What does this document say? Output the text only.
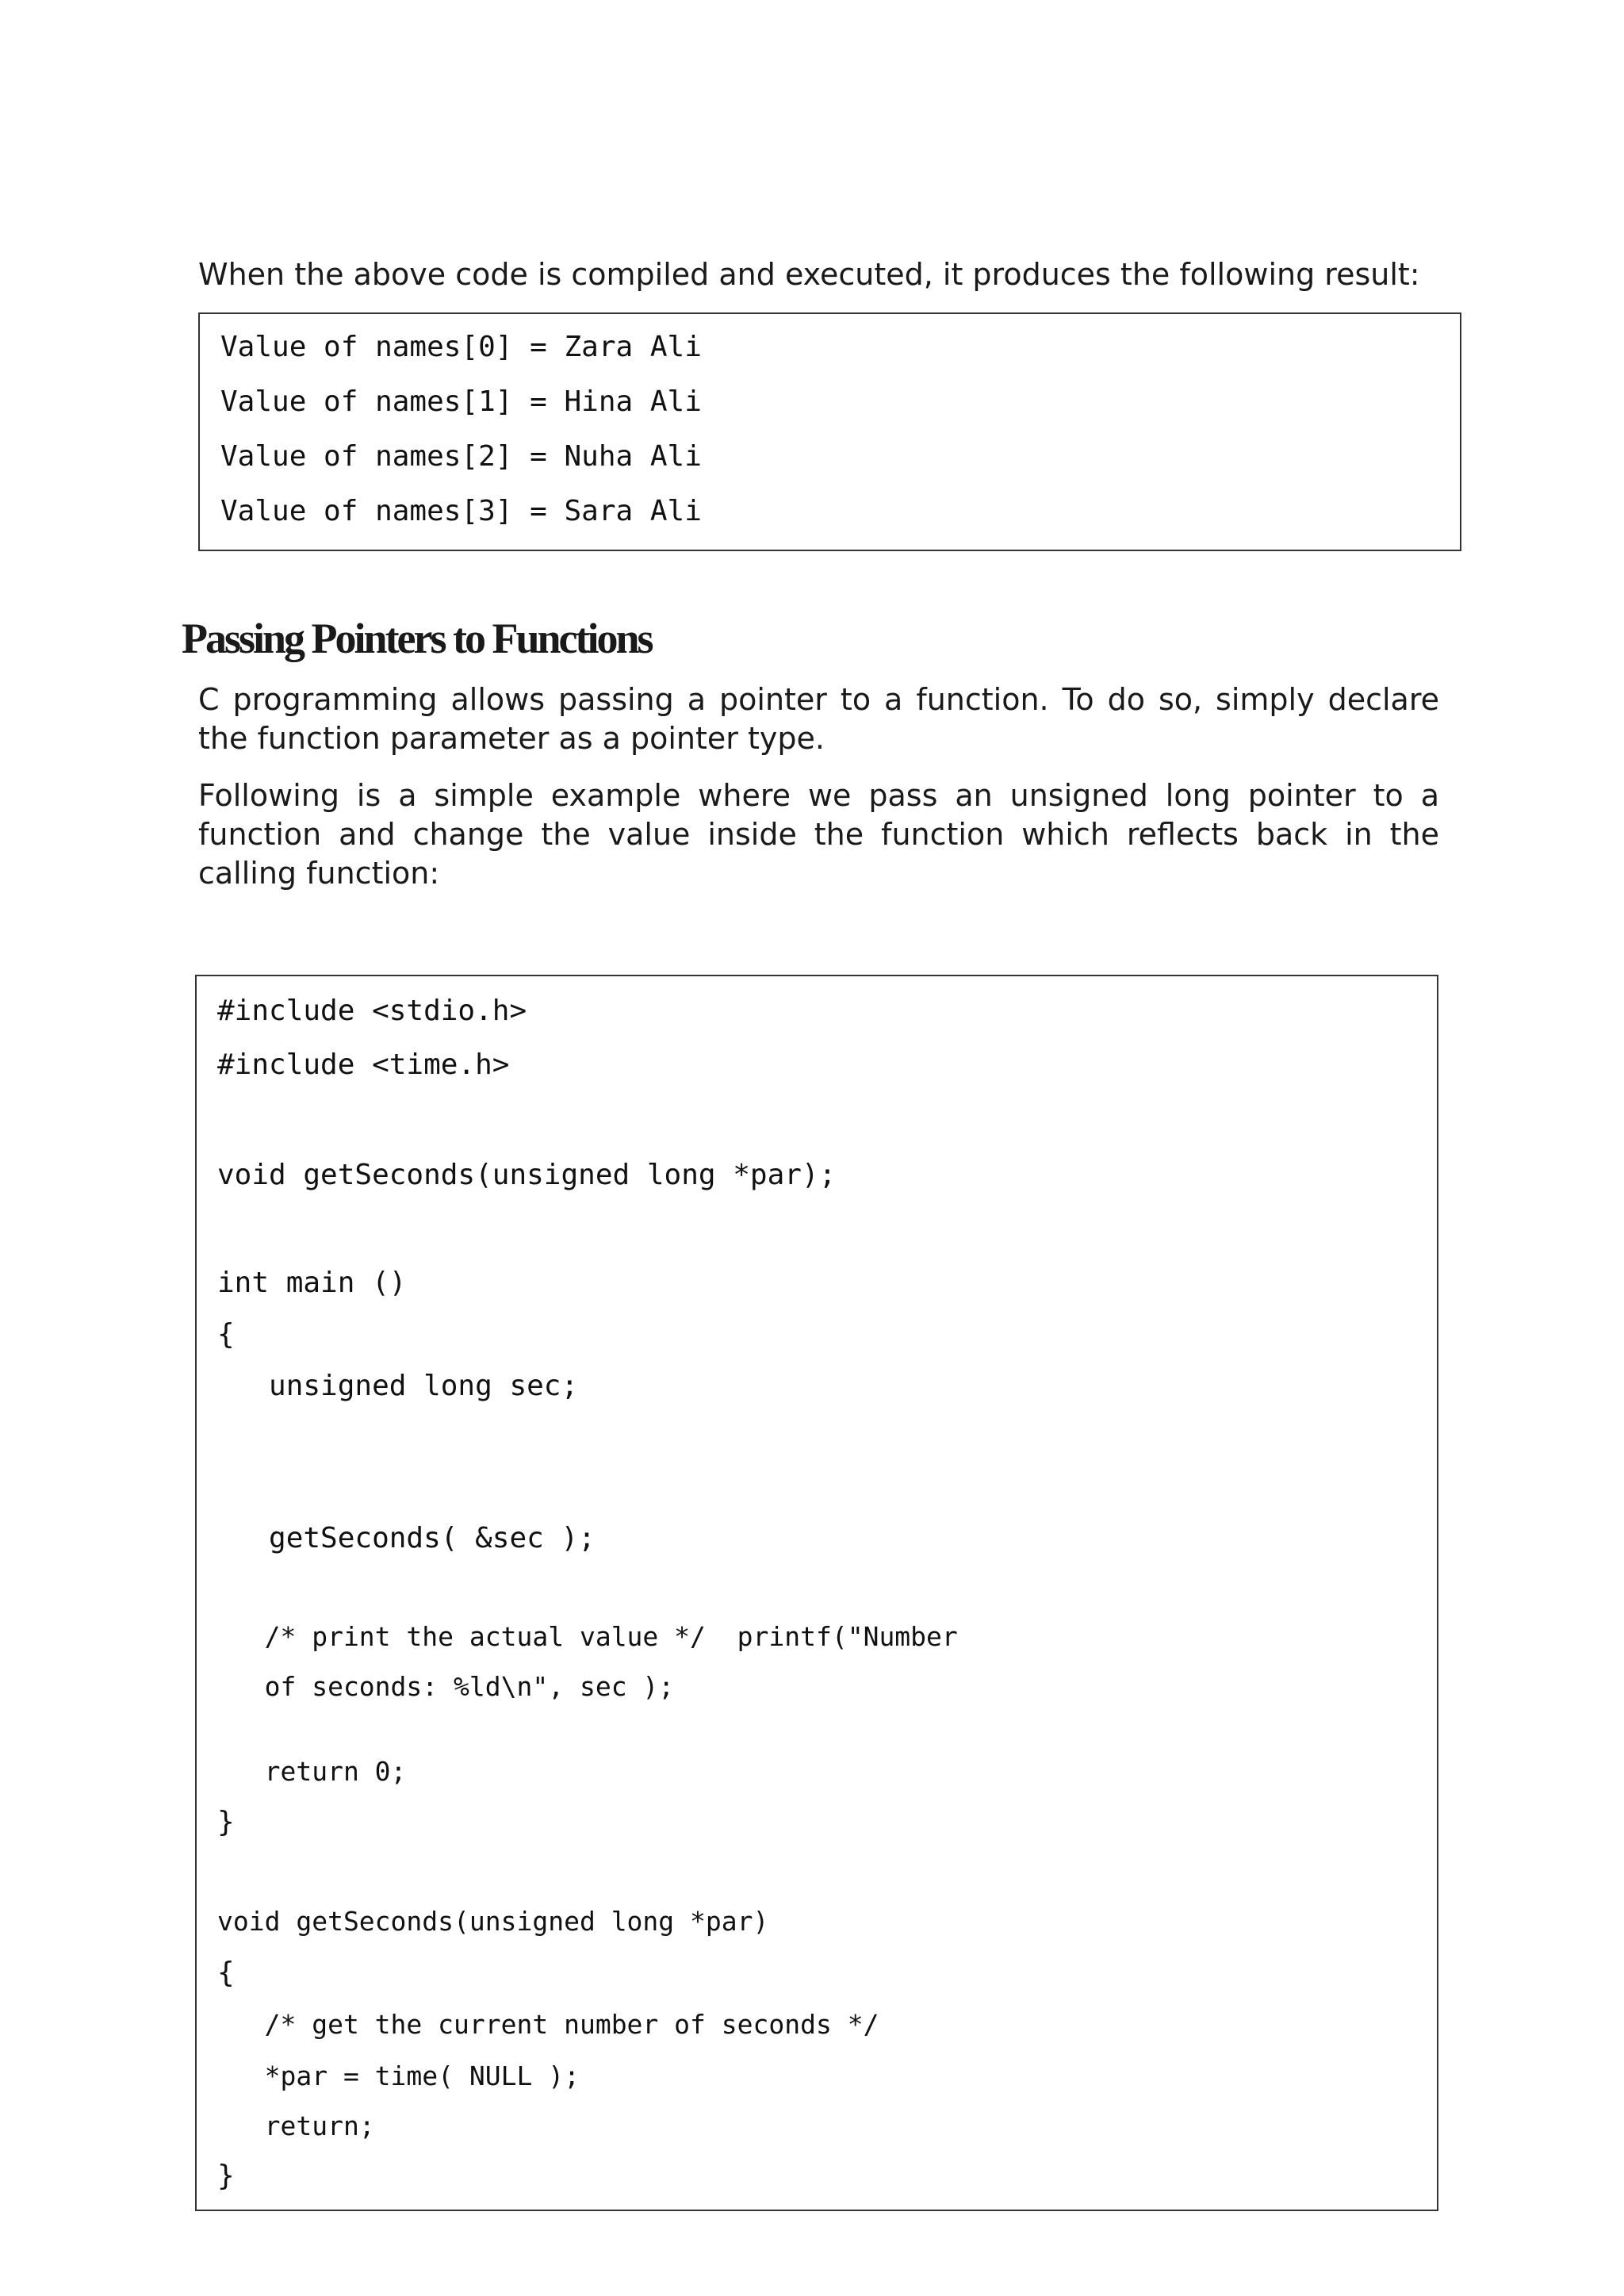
When the above code is compiled and executed, it produces the following result:

Value of names[0] = Zara Ali
Value of names[1] = Hina Ali
Value of names[2] = Nuha Ali
Value of names[3] = Sara Ali
Passing Pointers to Functions

C programming allows passing a pointer to a function. To do so, simply declare the function parameter as a pointer type.

Following is a simple example where we pass an unsigned long pointer to a function and change the value inside the function which reflects back in the calling function:

#include <stdio.h>
#include <time.h>
void getSeconds(unsigned long *par);
int main ()
{
unsigned long sec;
getSeconds( &sec );
/* print the actual value */  printf("Number
of seconds: %ld\n", sec );
return 0;
}
void getSeconds(unsigned long *par)
{
/* get the current number of seconds */
*par = time( NULL );
return;
}
